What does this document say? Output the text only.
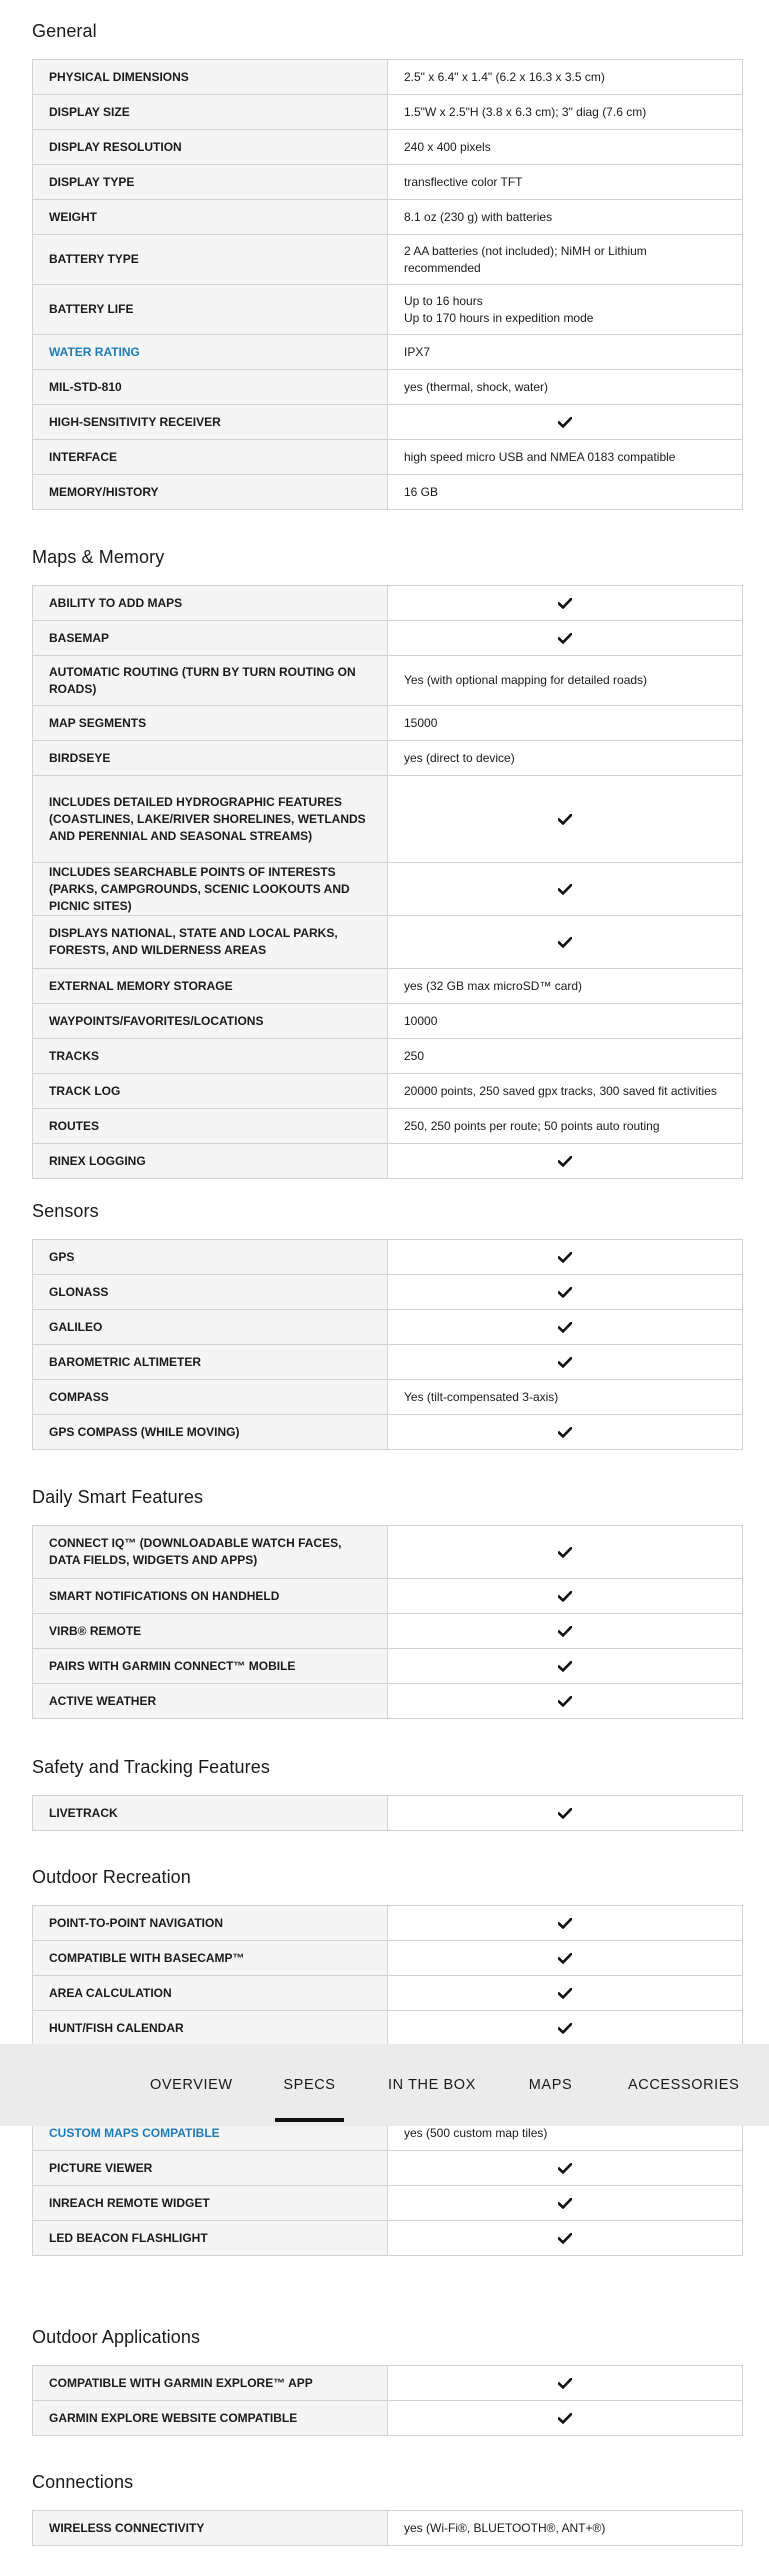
General
PHYSICAL DIMENSIONS	2.5" x 6.4" x 1.4" (6.2 x 16.3 x 3.5 cm)
DISPLAY SIZE	1.5"W x 2.5"H (3.8 x 6.3 cm); 3" diag (7.6 cm)
DISPLAY RESOLUTION	240 x 400 pixels
DISPLAY TYPE	transflective color TFT
WEIGHT	8.1 oz (230 g) with batteries
BATTERY TYPE	2 AA batteries (not included); NiMH or Lithium recommended
BATTERY LIFE	Up to 16 hours
Up to 170 hours in expedition mode

WATER RATING	IPX7
MIL-STD-810	yes (thermal, shock, water)
HIGH-SENSITIVITY RECEIVER	
INTERFACE	high speed micro USB and NMEA 0183 compatible
MEMORY/HISTORY	16 GB
Maps & Memory
ABILITY TO ADD MAPS	
BASEMAP	
AUTOMATIC ROUTING (TURN BY TURN ROUTING ON ROADS)	Yes (with optional mapping for detailed roads)
MAP SEGMENTS	15000
BIRDSEYE	yes (direct to device)
INCLUDES DETAILED HYDROGRAPHIC FEATURES (COASTLINES, LAKE/RIVER SHORELINES, WETLANDS AND PERENNIAL AND SEASONAL STREAMS)	
INCLUDES SEARCHABLE POINTS OF INTERESTS (PARKS, CAMPGROUNDS, SCENIC LOOKOUTS AND PICNIC SITES)	
DISPLAYS NATIONAL, STATE AND LOCAL PARKS, FORESTS, AND WILDERNESS AREAS	
EXTERNAL MEMORY STORAGE	yes (32 GB max microSD™ card)
WAYPOINTS/FAVORITES/LOCATIONS	10000
TRACKS	250
TRACK LOG	20000 points, 250 saved gpx tracks, 300 saved fit activities
ROUTES	250, 250 points per route; 50 points auto routing
RINEX LOGGING	
Sensors
GPS	
GLONASS	
GALILEO	
BAROMETRIC ALTIMETER	
COMPASS	Yes (tilt-compensated 3-axis)
GPS COMPASS (WHILE MOVING)	
Daily Smart Features
CONNECT IQ™ (DOWNLOADABLE WATCH FACES, DATA FIELDS, WIDGETS AND APPS)	
SMART NOTIFICATIONS ON HANDHELD	
VIRB® REMOTE	
PAIRS WITH GARMIN CONNECT™ MOBILE	
ACTIVE WEATHER	
Safety and Tracking Features
LIVETRACK	
Outdoor Recreation
POINT-TO-POINT NAVIGATION	
COMPATIBLE WITH BASECAMP™	
AREA CALCULATION	
HUNT/FISH CALENDAR	

CUSTOM MAPS COMPATIBLE	yes (500 custom map tiles)
PICTURE VIEWER	
INREACH REMOTE WIDGET	
LED BEACON FLASHLIGHT	
Outdoor Applications
COMPATIBLE WITH GARMIN EXPLORE™ APP	
GARMIN EXPLORE WEBSITE COMPATIBLE	
Connections
WIRELESS CONNECTIVITY	yes (Wi-Fi®, BLUETOOTH®, ANT+®)
OVERVIEW	SPECS	IN THE BOX	MAPS	ACCESSORIES
